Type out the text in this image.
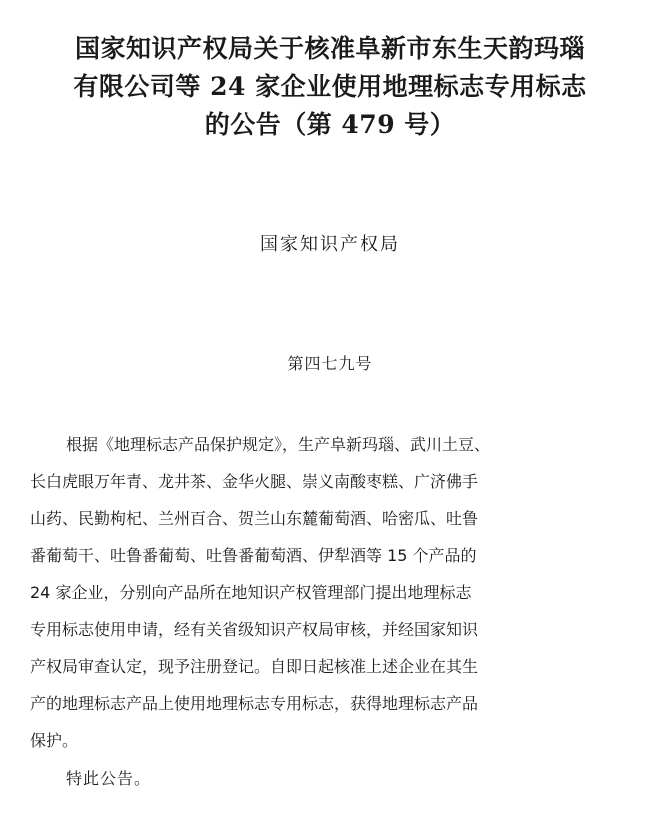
国家知识产权局关于核准阜新市东生天韵玛瑙
有限公司等 24 家企业使用地理标志专用标志
的公告（第 479 号）
国家知识产权局
第四七九号
根据《地理标志产品保护规定》，生产阜新玛瑙、武川土豆、
长白虎眼万年青、龙井茶、金华火腿、崇义南酸枣糕、广济佛手
山药、民勤枸杞、兰州百合、贺兰山东麓葡萄酒、哈密瓜、吐鲁
番葡萄干、吐鲁番葡萄、吐鲁番葡萄酒、伊犁酒等 15 个产品的
24 家企业，分别向产品所在地知识产权管理部门提出地理标志
专用标志使用申请，经有关省级知识产权局审核，并经国家知识
产权局审查认定，现予注册登记。自即日起核准上述企业在其生
产的地理标志产品上使用地理标志专用标志，获得地理标志产品
保护。
特此公告。
